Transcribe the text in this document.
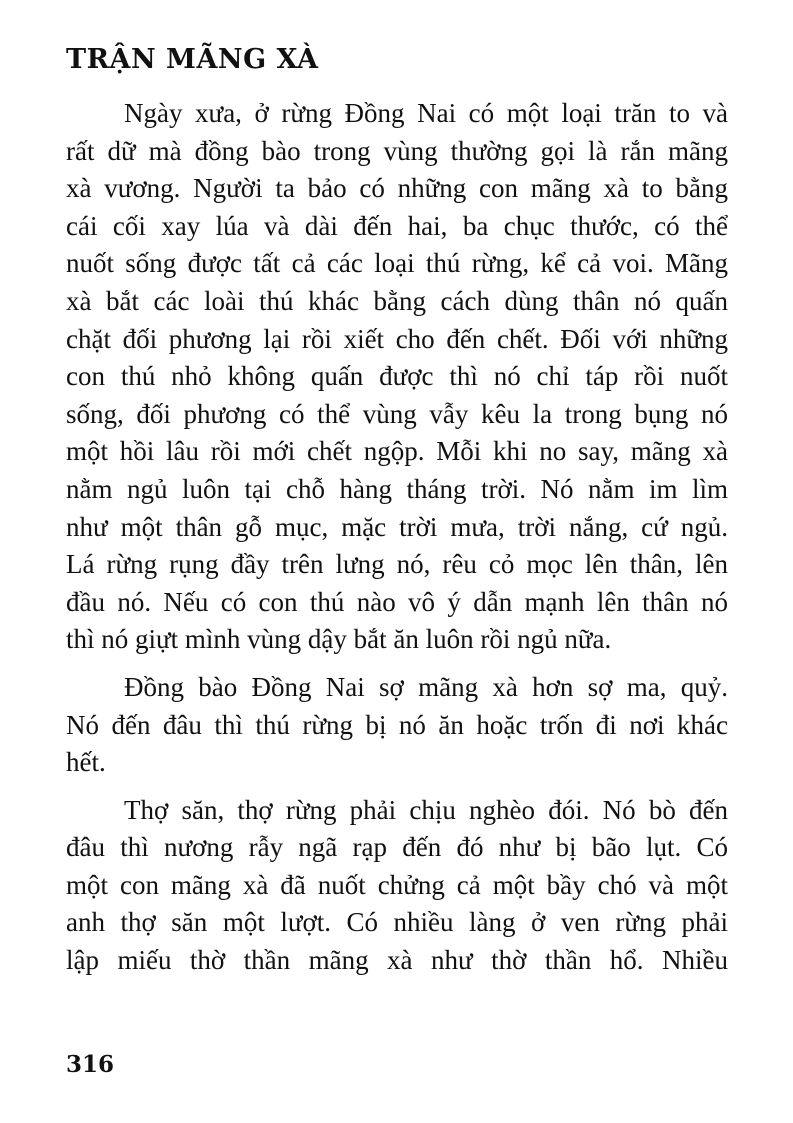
TRẬN MÃNG XÀ
Ngày xưa, ở rừng Đồng Nai có một loại trăn to và
rất dữ mà đồng bào trong vùng thường gọi là rắn mãng
xà vương. Người ta bảo có những con mãng xà to bằng
cái cối xay lúa và dài đến hai, ba chục thước, có thể
nuốt sống được tất cả các loại thú rừng, kể cả voi. Mãng
xà bắt các loài thú khác bằng cách dùng thân nó quấn
chặt đối phương lại rồi xiết cho đến chết. Đối với những
con thú nhỏ không quấn được thì nó chỉ táp rồi nuốt
sống, đối phương có thể vùng vẫy kêu la trong bụng nó
một hồi lâu rồi mới chết ngộp. Mỗi khi no say, mãng xà
nằm ngủ luôn tại chỗ hàng tháng trời. Nó nằm im lìm
như một thân gỗ mục, mặc trời mưa, trời nắng, cứ ngủ.
Lá rừng rụng đầy trên lưng nó, rêu cỏ mọc lên thân, lên
đầu nó. Nếu có con thú nào vô ý dẫn mạnh lên thân nó
thì nó giựt mình vùng dậy bắt ăn luôn rồi ngủ nữa.
Đồng bào Đồng Nai sợ mãng xà hơn sợ ma, quỷ.
Nó đến đâu thì thú rừng bị nó ăn hoặc trốn đi nơi khác
hết.
Thợ săn, thợ rừng phải chịu nghèo đói. Nó bò đến
đâu thì nương rẫy ngã rạp đến đó như bị bão lụt. Có
một con mãng xà đã nuốt chửng cả một bầy chó và một
anh thợ săn một lượt. Có nhiều làng ở ven rừng phải
lập miếu thờ thần mãng xà như thờ thần hổ. Nhiều
316
